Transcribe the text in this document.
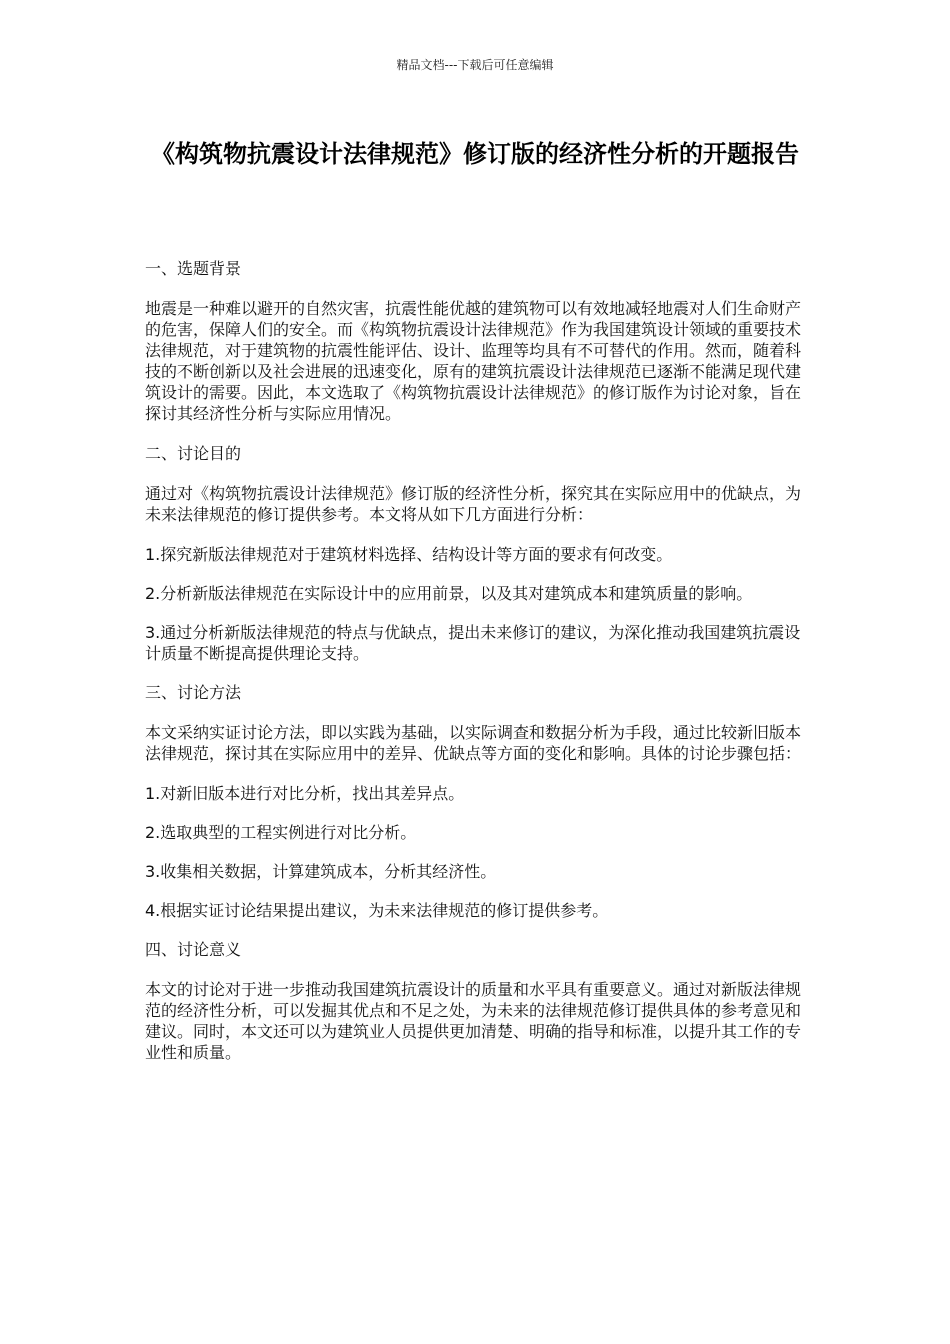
精品文档---下载后可任意编辑
《构筑物抗震设计法律规范》修订版的经济性分析的开题报告
一、选题背景
地震是一种难以避开的自然灾害，抗震性能优越的建筑物可以有效地减轻地震对人们生命财产的危害，保障人们的安全。而《构筑物抗震设计法律规范》作为我国建筑设计领域的重要技术法律规范，对于建筑物的抗震性能评估、设计、监理等均具有不可替代的作用。然而，随着科技的不断创新以及社会进展的迅速变化，原有的建筑抗震设计法律规范已逐渐不能满足现代建筑设计的需要。因此，本文选取了《构筑物抗震设计法律规范》的修订版作为讨论对象，旨在探讨其经济性分析与实际应用情况。
二、讨论目的
通过对《构筑物抗震设计法律规范》修订版的经济性分析，探究其在实际应用中的优缺点，为未来法律规范的修订提供参考。本文将从如下几方面进行分析：
1.探究新版法律规范对于建筑材料选择、结构设计等方面的要求有何改变。
2.分析新版法律规范在实际设计中的应用前景，以及其对建筑成本和建筑质量的影响。
3.通过分析新版法律规范的特点与优缺点，提出未来修订的建议，为深化推动我国建筑抗震设计质量不断提高提供理论支持。
三、讨论方法
本文采纳实证讨论方法，即以实践为基础，以实际调查和数据分析为手段，通过比较新旧版本法律规范，探讨其在实际应用中的差异、优缺点等方面的变化和影响。具体的讨论步骤包括：
1.对新旧版本进行对比分析，找出其差异点。
2.选取典型的工程实例进行对比分析。
3.收集相关数据，计算建筑成本，分析其经济性。
4.根据实证讨论结果提出建议，为未来法律规范的修订提供参考。
四、讨论意义
本文的讨论对于进一步推动我国建筑抗震设计的质量和水平具有重要意义。通过对新版法律规范的经济性分析，可以发掘其优点和不足之处，为未来的法律规范修订提供具体的参考意见和建议。同时，本文还可以为建筑业人员提供更加清楚、明确的指导和标准，以提升其工作的专业性和质量。
